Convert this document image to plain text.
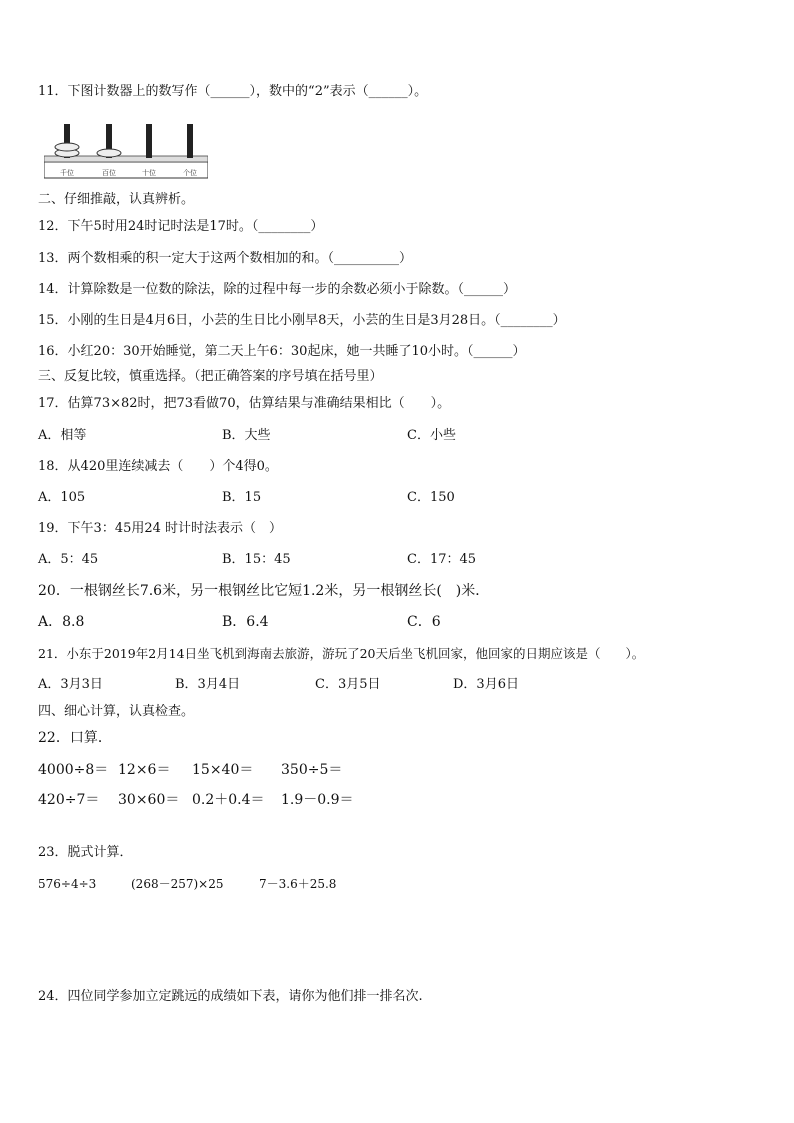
11．下图计数器上的数写作（______），数中的“2”表示（______）。
千位	百位	十位	个位
二、仔细推敲，认真辨析。
12．下午5时用24时记时法是17时。（________）
13．两个数相乘的积一定大于这两个数相加的和。（__________）
14．计算除数是一位数的除法，除的过程中每一步的余数必须小于除数。（______）
15．小刚的生日是4月6日，小芸的生日比小刚早8天，小芸的生日是3月28日。（________）
16．小红20：30开始睡觉，第二天上午6：30起床，她一共睡了10小时。（______）
三、反复比较，慎重选择。（把正确答案的序号填在括号里）
17．估算73×82时，把73看做70，估算结果与准确结果相比（　　）。
A．相等	B．大些	C．小些
18．从420里连续减去（　　）个4得0。
A．105	B．15	C．150
19．下午3：45用24 时计时法表示（　）
A．5：45	B．15：45	C．17：45
20．一根钢丝长7.6米，另一根钢丝比它短1.2米，另一根钢丝长(　)米．
A．8.8	B．6.4	C．6
21．小东于2019年2月14日坐飞机到海南去旅游，游玩了20天后坐飞机回家，他回家的日期应该是（　　）。
A．3月3日	B．3月4日	C．3月5日	D．3月6日
四、细心计算，认真检查。
22．口算．
4000÷8＝ 12×6＝ 15×40＝ 350÷5＝
420÷7＝ 30×60＝ 0.2＋0.4＝ 1.9－0.9＝
23．脱式计算．
576÷4÷3	(268－257)×25	7－3.6＋25.8
24．四位同学参加立定跳远的成绩如下表，请你为他们排一排名次.
